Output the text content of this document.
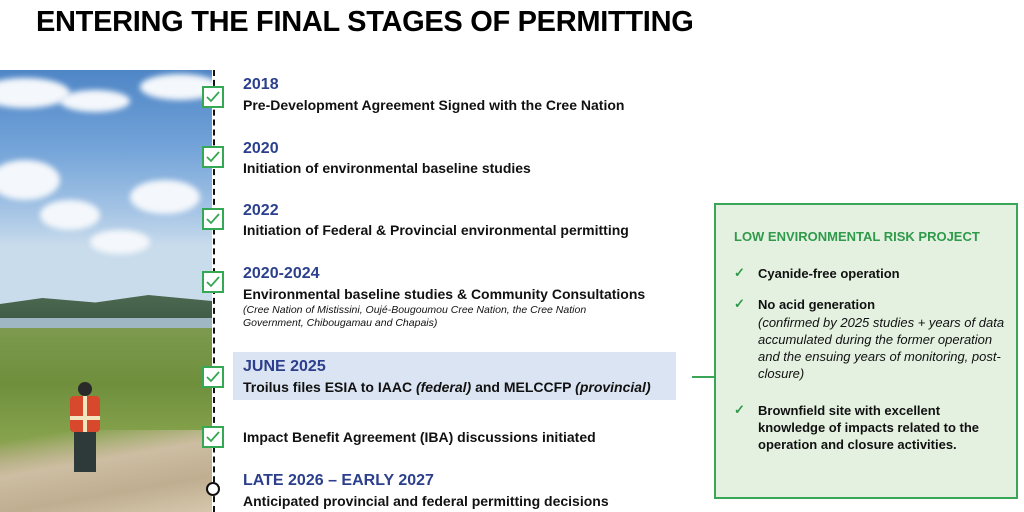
ENTERING THE FINAL STAGES OF PERMITTING
2018
Pre-Development Agreement Signed with the Cree Nation
2020
Initiation of environmental baseline studies
2022
Initiation of Federal & Provincial environmental permitting
2020-2024
Environmental baseline studies & Community Consultations
(Cree Nation of Mistissini, Oujé-Bougoumou Cree Nation, the Cree Nation Government, Chibougamau and Chapais)
JUNE 2025
Troilus files ESIA to IAAC (federal) and MELCCFP (provincial)
Impact Benefit Agreement (IBA) discussions initiated
LATE 2026 – EARLY 2027
Anticipated provincial and federal permitting decisions
LOW ENVIRONMENTAL RISK PROJECT
✓ Cyanide-free operation
✓ No acid generation
(confirmed by 2025 studies + years of data accumulated during the former operation and the ensuing years of monitoring, post-closure)
✓ Brownfield site with excellent knowledge of impacts related to the operation and closure activities.
